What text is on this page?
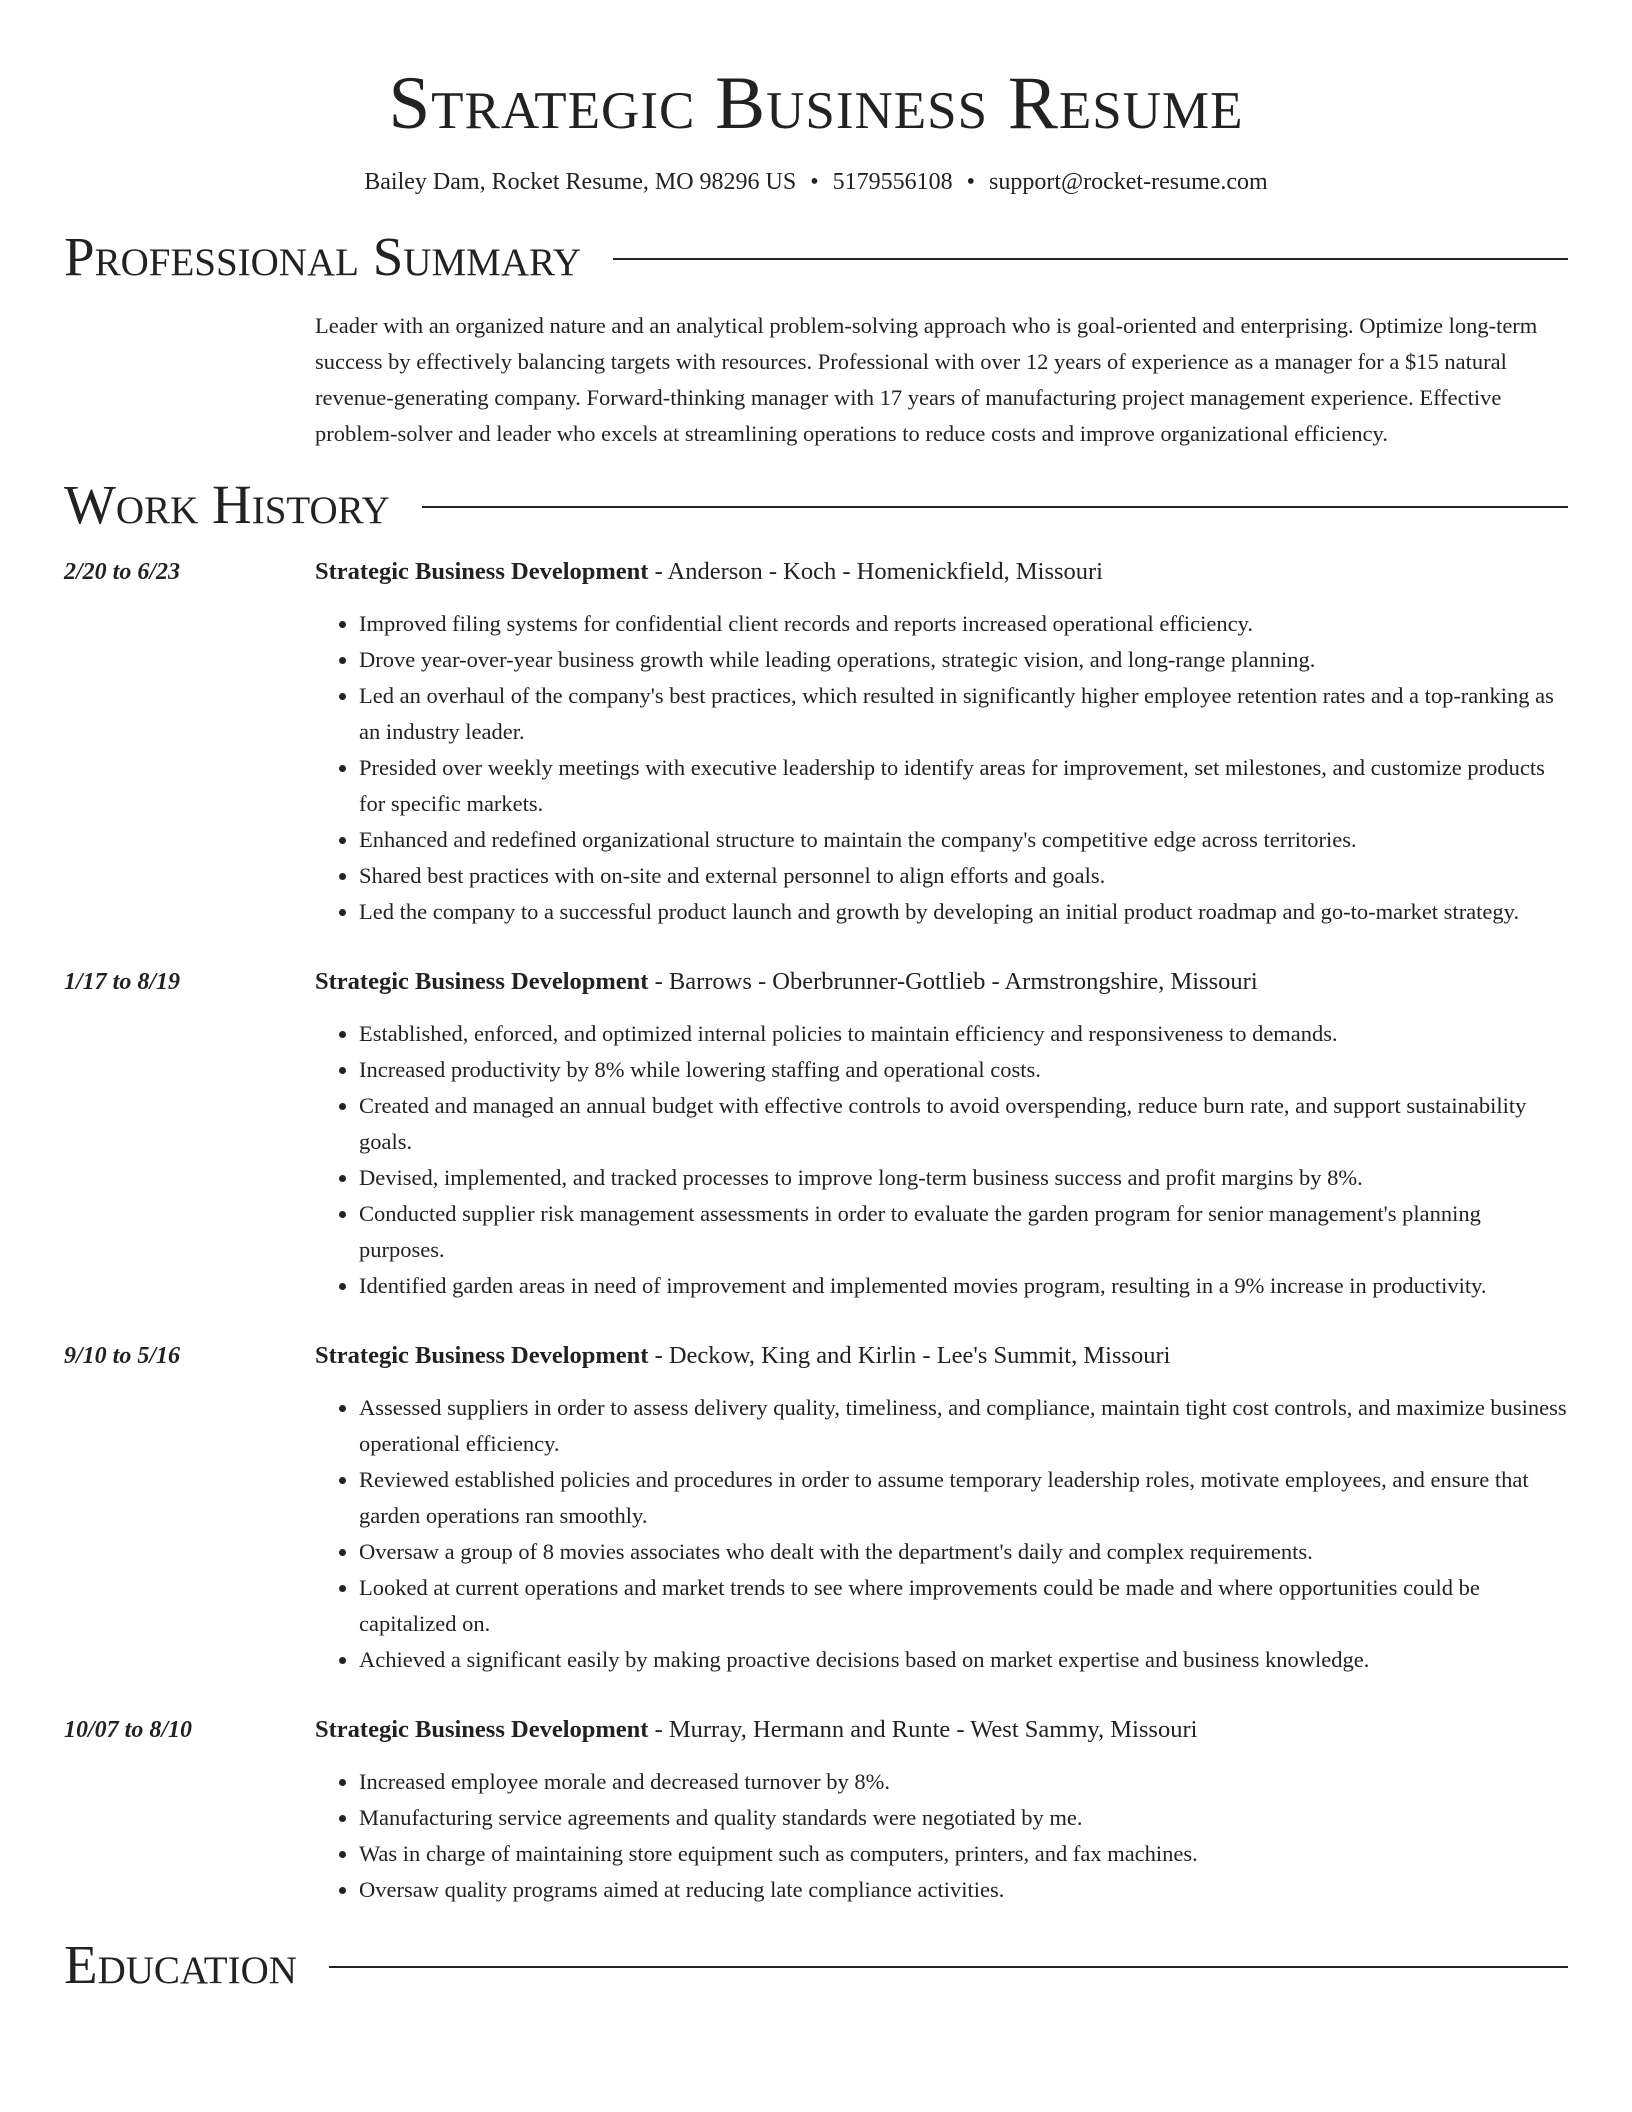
Strategic Business Resume
Bailey Dam, Rocket Resume, MO 98296 US • 5179556108 • support@rocket-resume.com
Professional Summary
Leader with an organized nature and an analytical problem-solving approach who is goal-oriented and enterprising. Optimize long-term success by effectively balancing targets with resources. Professional with over 12 years of experience as a manager for a $15 natural revenue-generating company. Forward-thinking manager with 17 years of manufacturing project management experience. Effective problem-solver and leader who excels at streamlining operations to reduce costs and improve organizational efficiency.
Work History
2/20 to 6/23	Strategic Business Development - Anderson - Koch - Homenickfield, Missouri
• Improved filing systems for confidential client records and reports increased operational efficiency.
• Drove year-over-year business growth while leading operations, strategic vision, and long-range planning.
• Led an overhaul of the company's best practices, which resulted in significantly higher employee retention rates and a top-ranking as an industry leader.
• Presided over weekly meetings with executive leadership to identify areas for improvement, set milestones, and customize products for specific markets.
• Enhanced and redefined organizational structure to maintain the company's competitive edge across territories.
• Shared best practices with on-site and external personnel to align efforts and goals.
• Led the company to a successful product launch and growth by developing an initial product roadmap and go-to-market strategy.
1/17 to 8/19	Strategic Business Development - Barrows - Oberbrunner-Gottlieb - Armstrongshire, Missouri
• Established, enforced, and optimized internal policies to maintain efficiency and responsiveness to demands.
• Increased productivity by 8% while lowering staffing and operational costs.
• Created and managed an annual budget with effective controls to avoid overspending, reduce burn rate, and support sustainability goals.
• Devised, implemented, and tracked processes to improve long-term business success and profit margins by 8%.
• Conducted supplier risk management assessments in order to evaluate the garden program for senior management's planning purposes.
• Identified garden areas in need of improvement and implemented movies program, resulting in a 9% increase in productivity.
9/10 to 5/16	Strategic Business Development - Deckow, King and Kirlin - Lee's Summit, Missouri
• Assessed suppliers in order to assess delivery quality, timeliness, and compliance, maintain tight cost controls, and maximize business operational efficiency.
• Reviewed established policies and procedures in order to assume temporary leadership roles, motivate employees, and ensure that garden operations ran smoothly.
• Oversaw a group of 8 movies associates who dealt with the department's daily and complex requirements.
• Looked at current operations and market trends to see where improvements could be made and where opportunities could be capitalized on.
• Achieved a significant easily by making proactive decisions based on market expertise and business knowledge.
10/07 to 8/10	Strategic Business Development - Murray, Hermann and Runte - West Sammy, Missouri
• Increased employee morale and decreased turnover by 8%.
• Manufacturing service agreements and quality standards were negotiated by me.
• Was in charge of maintaining store equipment such as computers, printers, and fax machines.
• Oversaw quality programs aimed at reducing late compliance activities.
Education
